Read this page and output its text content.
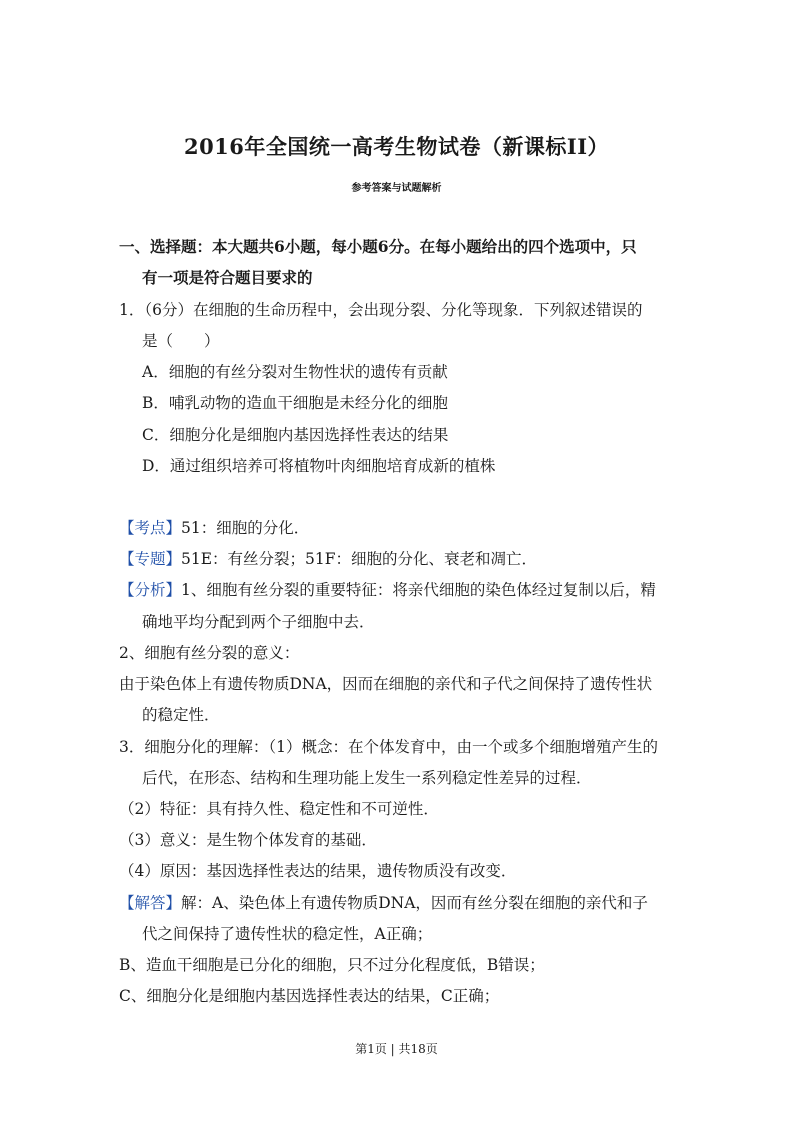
2016年全国统一高考生物试卷（新课标II）
参考答案与试题解析
一、选择题：本大题共6小题，每小题6分。在每小题给出的四个选项中，只
有一项是符合题目要求的
1．（6分）在细胞的生命历程中，会出现分裂、分化等现象．下列叙述错误的
是（　　）
A．细胞的有丝分裂对生物性状的遗传有贡献
B．哺乳动物的造血干细胞是未经分化的细胞
C．细胞分化是细胞内基因选择性表达的结果
D．通过组织培养可将植物叶肉细胞培育成新的植株
【考点】51：细胞的分化．
【专题】51E：有丝分裂；51F：细胞的分化、衰老和凋亡．
【分析】1、细胞有丝分裂的重要特征：将亲代细胞的染色体经过复制以后，精
确地平均分配到两个子细胞中去．
2、细胞有丝分裂的意义：
由于染色体上有遗传物质DNA，因而在细胞的亲代和子代之间保持了遗传性状
的稳定性．
3．细胞分化的理解：（1）概念：在个体发育中，由一个或多个细胞增殖产生的
后代，在形态、结构和生理功能上发生一系列稳定性差异的过程．
（2）特征：具有持久性、稳定性和不可逆性．
（3）意义：是生物个体发育的基础．
（4）原因：基因选择性表达的结果，遗传物质没有改变．
【解答】解：A、染色体上有遗传物质DNA，因而有丝分裂在细胞的亲代和子
代之间保持了遗传性状的稳定性，A正确；
B、造血干细胞是已分化的细胞，只不过分化程度低，B错误；
C、细胞分化是细胞内基因选择性表达的结果，C正确；
第1页 | 共18页
